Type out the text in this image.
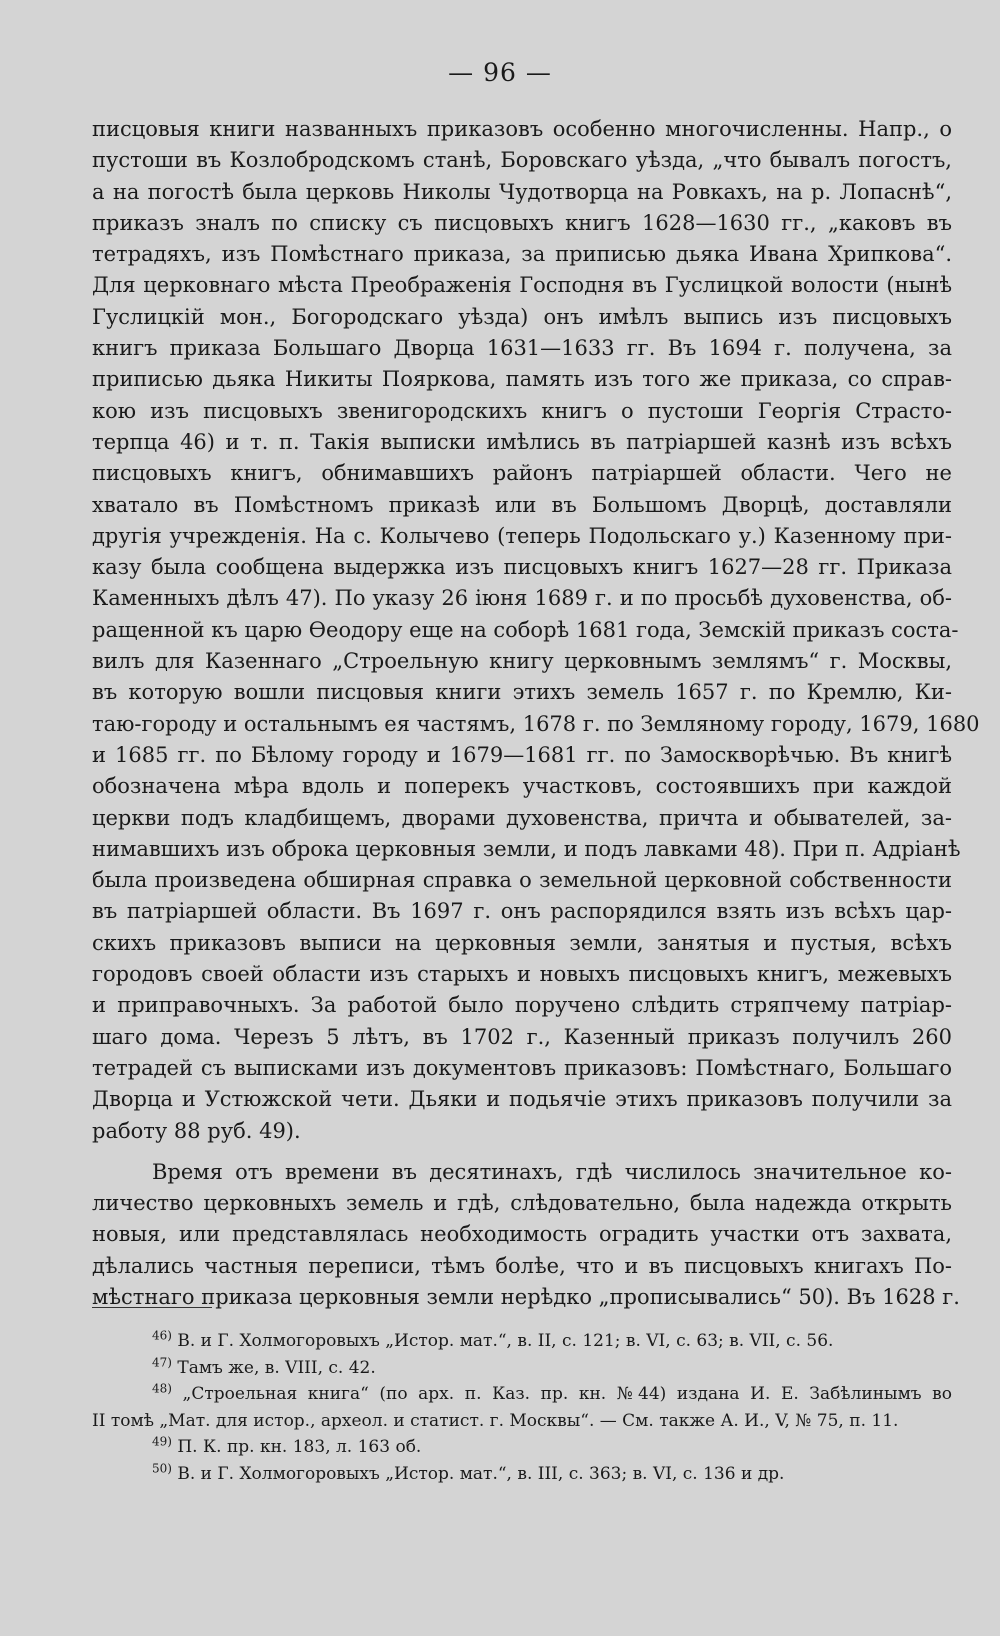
— 96 —
писцовыя книги названныхъ приказовъ особенно многочисленны. Напр., о
пустоши въ Козлобродскомъ станѣ, Боровскаго уѣзда, „что бывалъ погостъ,
а на погостѣ была церковь Николы Чудотворца на Ровкахъ, на р. Лопаснѣ“,
приказъ зналъ по списку съ писцовыхъ книгъ 1628—1630 гг., „каковъ въ
тетрадяхъ, изъ Помѣстнаго приказа, за приписью дьяка Ивана Хрипкова“.
Для церковнаго мѣста Преображенія Господня въ Гуслицкой волости (нынѣ
Гуслицкій мон., Богородскаго уѣзда) онъ имѣлъ выпись изъ писцовыхъ
книгъ приказа Большаго Дворца 1631—1633 гг. Въ 1694 г. получена, за
приписью дьяка Никиты Пояркова, память изъ того же приказа, со справ-
кою изъ писцовыхъ звенигородскихъ книгъ о пустоши Георгія Страсто-
терпца 46) и т. п. Такія выписки имѣлись въ патріаршей казнѣ изъ всѣхъ
писцовыхъ книгъ, обнимавшихъ районъ патріаршей области. Чего не
хватало въ Помѣстномъ приказѣ или въ Большомъ Дворцѣ, доставляли
другія учрежденія. На с. Колычево (теперь Подольскаго у.) Казенному при-
казу была сообщена выдержка изъ писцовыхъ книгъ 1627—28 гг. Приказа
Каменныхъ дѣлъ 47). По указу 26 іюня 1689 г. и по просьбѣ духовенства, об-
ращенной къ царю Ѳеодору еще на соборѣ 1681 года, Земскій приказъ соста-
вилъ для Казеннаго „Строельную книгу церковнымъ землямъ“ г. Москвы,
въ которую вошли писцовыя книги этихъ земель 1657 г. по Кремлю, Ки-
таю-городу и остальнымъ ея частямъ, 1678 г. по Земляному городу, 1679, 1680
и 1685 гг. по Бѣлому городу и 1679—1681 гг. по Замоскворѣчью. Въ книгѣ
обозначена мѣра вдоль и поперекъ участковъ, состоявшихъ при каждой
церкви подъ кладбищемъ, дворами духовенства, причта и обывателей, за-
нимавшихъ изъ оброка церковныя земли, и подъ лавками 48). При п. Адріанѣ
была произведена обширная справка о земельной церковной собственности
въ патріаршей области. Въ 1697 г. онъ распорядился взять изъ всѣхъ цар-
скихъ приказовъ выписи на церковныя земли, занятыя и пустыя, всѣхъ
городовъ своей области изъ старыхъ и новыхъ писцовыхъ книгъ, межевыхъ
и приправочныхъ. За работой было поручено слѣдить стряпчему патріар-
шаго дома. Черезъ 5 лѣтъ, въ 1702 г., Казенный приказъ получилъ 260
тетрадей съ выписками изъ документовъ приказовъ: Помѣстнаго, Большаго
Дворца и Устюжской чети. Дьяки и подьячіе этихъ приказовъ получили за
работу 88 руб. 49).
Время отъ времени въ десятинахъ, гдѣ числилось значительное ко-
личество церковныхъ земель и гдѣ, слѣдовательно, была надежда открыть
новыя, или представлялась необходимость оградить участки отъ захвата,
дѣлались частныя переписи, тѣмъ болѣе, что и въ писцовыхъ книгахъ По-
мѣстнаго приказа церковныя земли нерѣдко „прописывались“ 50). Въ 1628 г.
$^{46)}$ В. и Г. Холмогоровыхъ „Истор. мат.“, в. II, с. 121; в. VI, с. 63; в. VII, с. 56.
$^{47)}$ Тамъ же, в. VIII, с. 42.
$^{48)}$ „Строельная книга“ (по арх. п. Каз. пр. кн. №44) издана И. Е. Забѣлинымъ во
II томѣ „Мат. для истор., археол. и статист. г. Москвы“. — См. также А. И., V, № 75, п. 11.
$^{49)}$ П. К. пр. кн. 183, л. 163 об.
$^{50)}$ В. и Г. Холмогоровыхъ „Истор. мат.“, в. III, с. 363; в. VI, с. 136 и др.
